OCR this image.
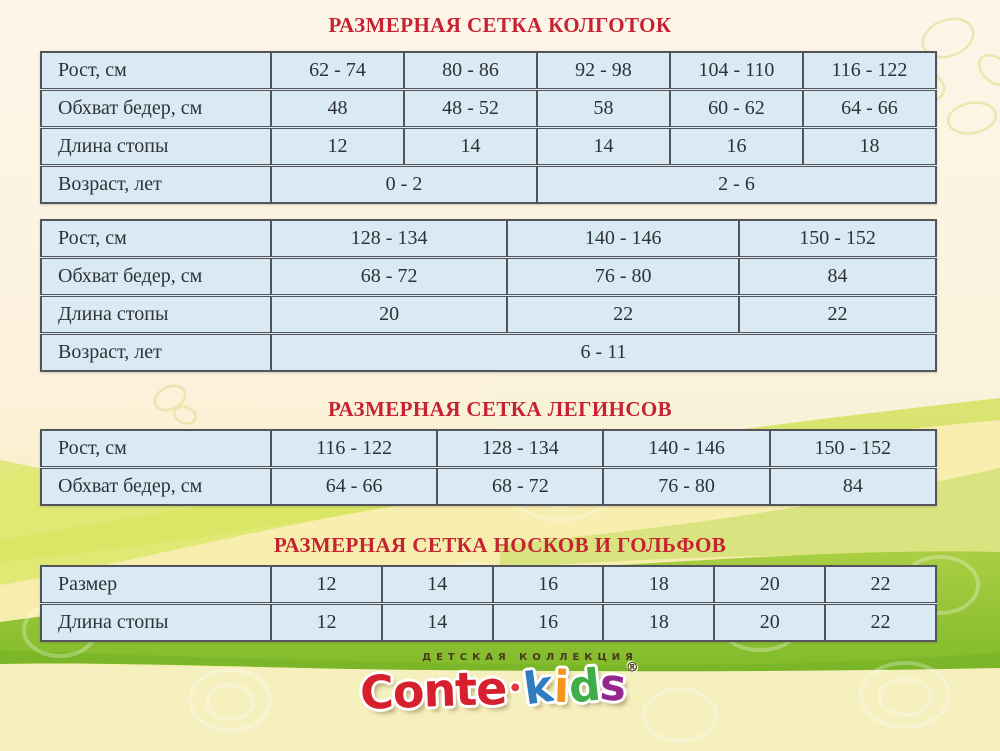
РАЗМЕРНАЯ СЕТКА КОЛГОТОК
Рост, см	62 - 74	80 - 86	92 - 98	104 - 110	116 - 122
Обхват бедер, см	48	48 - 52	58	60 - 62	64 - 66
Длина стопы	12	14	14	16	18
Возраст, лет	0 - 2		2 - 6		
Рост, см	128 - 134	140 - 146	150 - 152
Обхват бедер, см	68 - 72	76 - 80	84
Длина стопы	20	22	22
Возраст, лет	6 - 11		
РАЗМЕРНАЯ СЕТКА ЛЕГИНСОВ
Рост, см	116 - 122	128 - 134	140 - 146	150 - 152
Обхват бедер, см	64 - 66	68 - 72	76 - 80	84
РАЗМЕРНАЯ СЕТКА НОСКОВ И ГОЛЬФОВ
Размер	12	14	16	18	20	22
Длина стопы	12	14	16	18	20	22
ДЕТСКАЯ КОЛЛЕКЦИЯ
Conte•kids®
